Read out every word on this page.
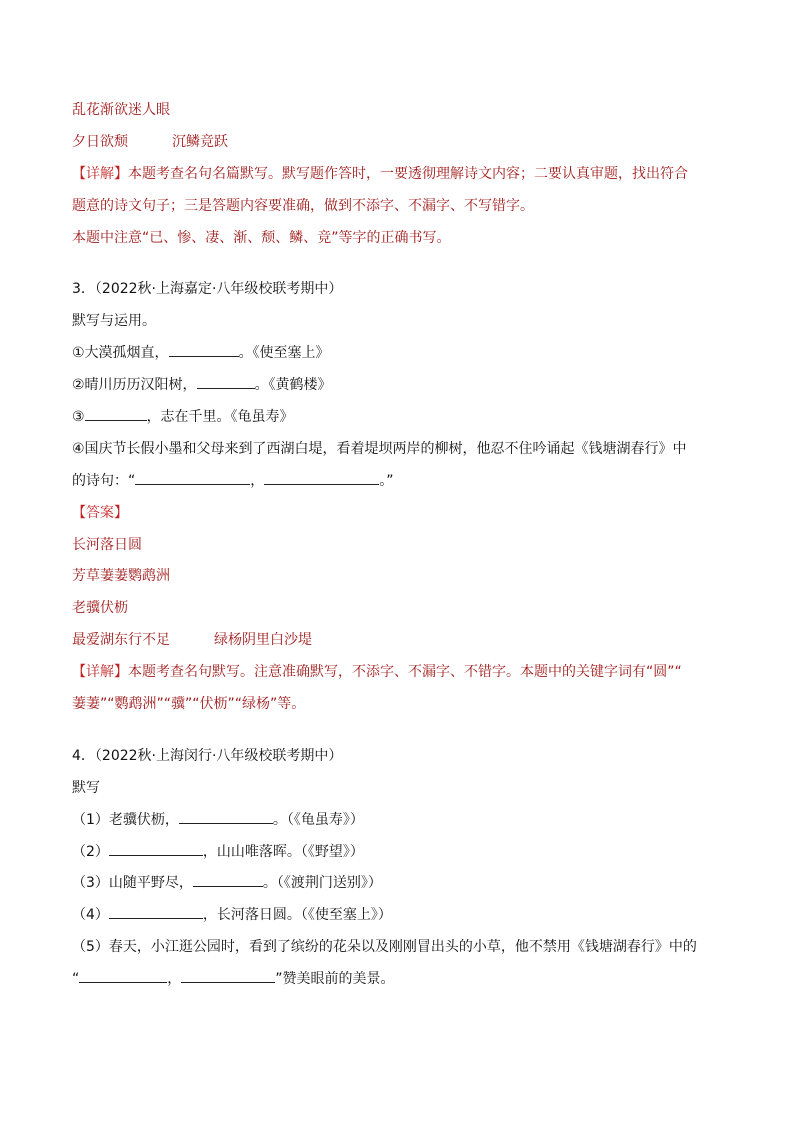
乱花渐欲迷人眼
夕日欲颓	沉鳞竞跃
【详解】本题考查名句名篇默写。默写题作答时，一要透彻理解诗文内容；二要认真审题，找出符合
题意的诗文句子；三是答题内容要准确，做到不添字、不漏字、不写错字。
本题中注意“已、惨、凄、渐、颓、鳞、竞”等字的正确书写。
3．（2022秋·上海嘉定·八年级校联考期中）
默写与运用。
①大漠孤烟直，	。《使至塞上》
②晴川历历汉阳树，	。《黄鹤楼》
③	，志在千里。《龟虽寿》
④国庆节长假小墨和父母来到了西湖白堤，看着堤坝两岸的柳树，他忍不住吟诵起《钱塘湖春行》中
的诗句：“	，	。”
【答案】
长河落日圆
芳草萋萋鹦鹉洲
老骥伏枥
最爱湖东行不足	绿杨阴里白沙堤
【详解】本题考查名句默写。注意准确默写，不添字、不漏字、不错字。本题中的关键字词有“圆”“
萋萋”“鹦鹉洲”“骥”“伏枥”“绿杨”等。
4．（2022秋·上海闵行·八年级校联考期中）
默写
（1）老骥伏枥，	。（《龟虽寿》）
（2）	，山山唯落晖。（《野望》）
（3）山随平野尽，	。（《渡荆门送别》）
（4）	，长河落日圆。（《使至塞上》）
（5）春天，小江逛公园时，看到了缤纷的花朵以及刚刚冒出头的小草，他不禁用《钱塘湖春行》中的
“	，	”赞美眼前的美景。
